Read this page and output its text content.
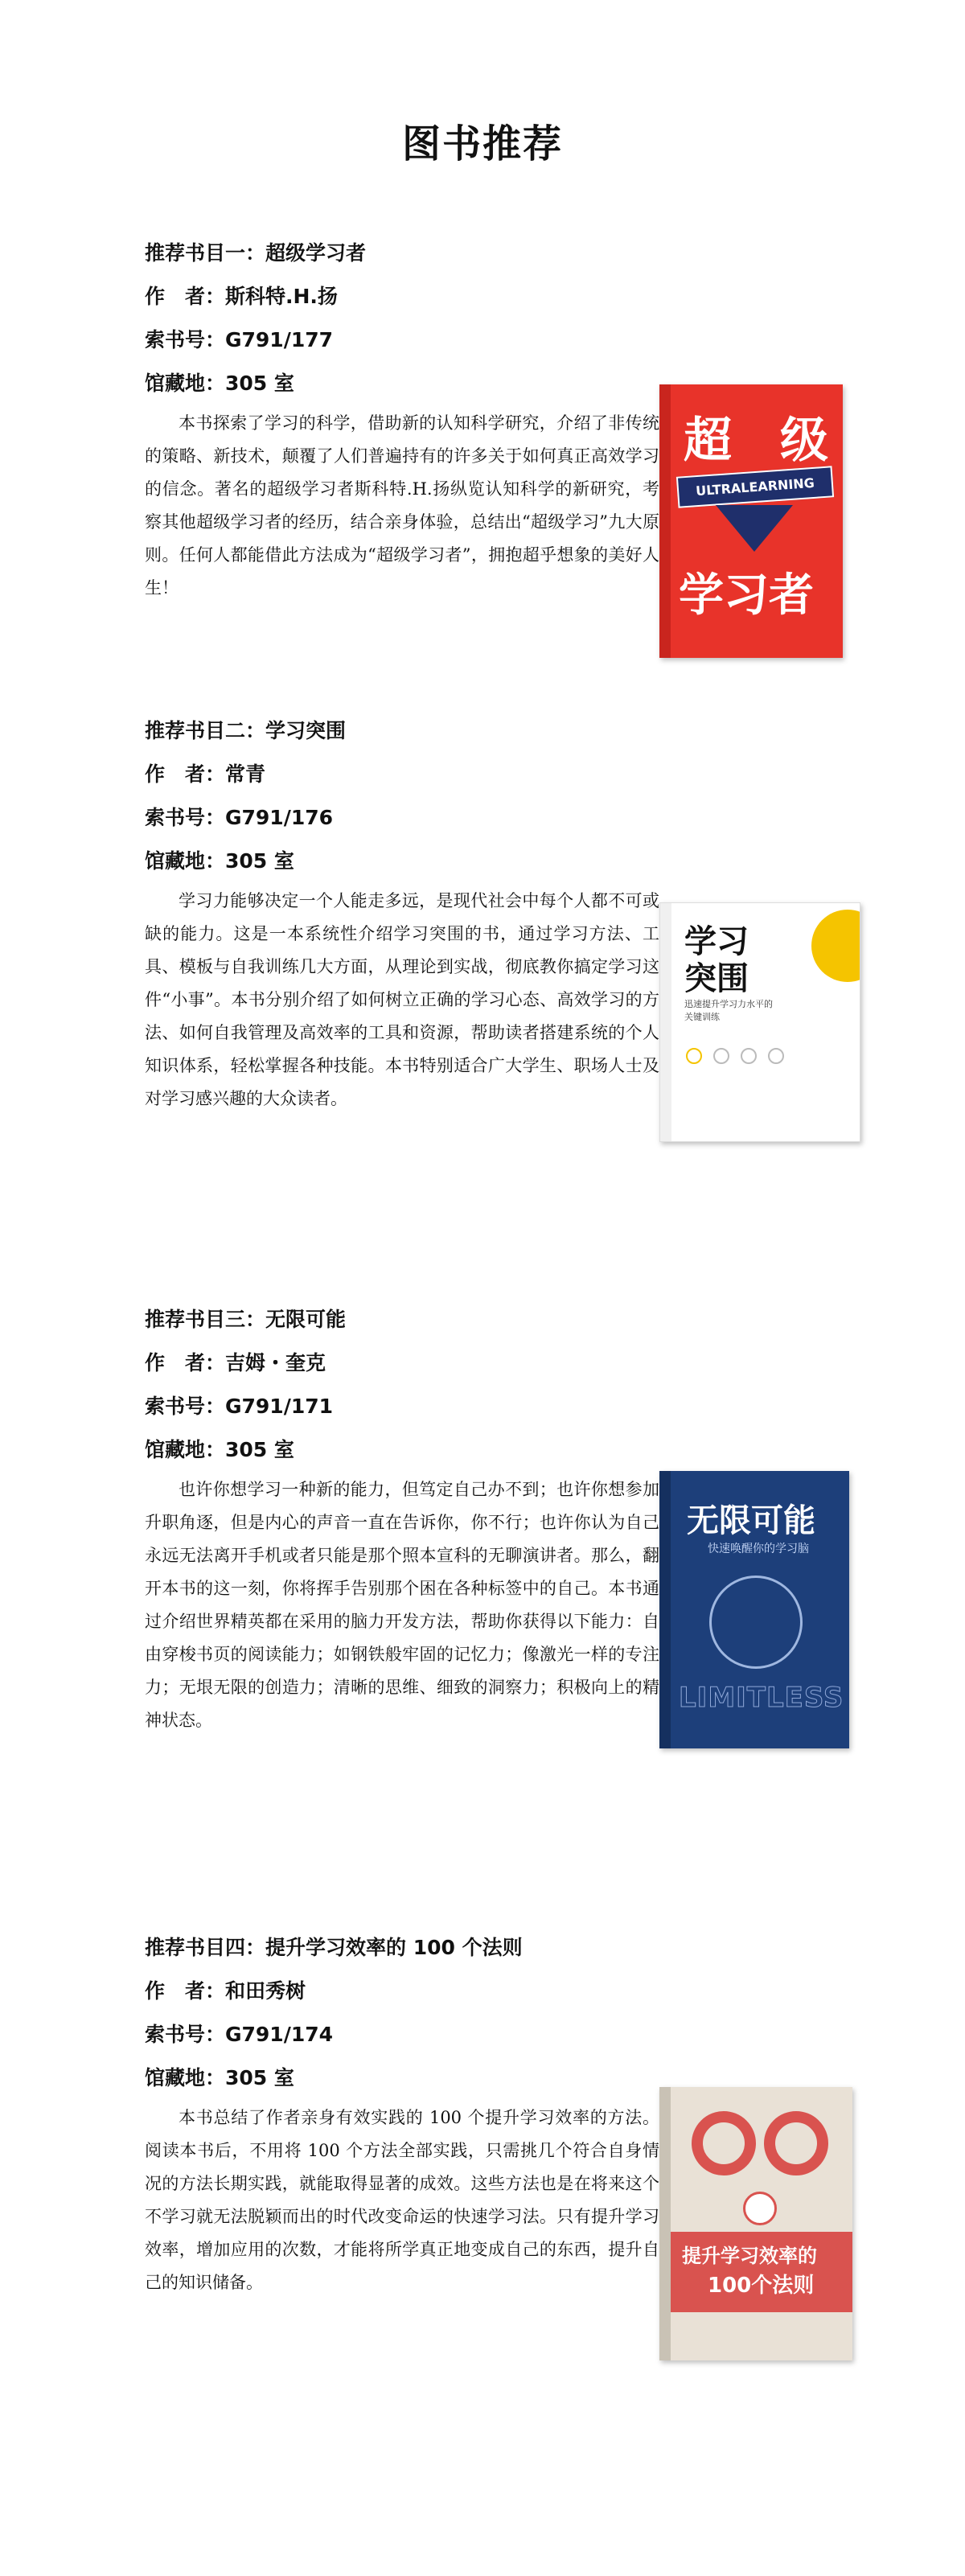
图书推荐

推荐书目一：超级学习者

作　者：斯科特.H.扬

索书号：G791/177

馆藏地：305 室

本书探索了学习的科学，借助新的认知科学研究，介绍了非传统的策略、新技术，颠覆了人们普遍持有的许多关于如何真正高效学习的信念。著名的超级学习者斯科特.H.扬纵览认知科学的新研究，考察其他超级学习者的经历，结合亲身体验，总结出“超级学习”九大原则。任何人都能借此方法成为“超级学习者”，拥抱超乎想象的美好人生！

超　级
ULTRALEARNING
学习者

推荐书目二：学习突围

作　者：常青

索书号：G791/176

馆藏地：305 室

学习力能够决定一个人能走多远，是现代社会中每个人都不可或缺的能力。这是一本系统性介绍学习突围的书，通过学习方法、工具、模板与自我训练几大方面，从理论到实战，彻底教你搞定学习这件“小事”。本书分别介绍了如何树立正确的学习心态、高效学习的方法、如何自我管理及高效率的工具和资源，帮助读者搭建系统的个人知识体系，轻松掌握各种技能。本书特别适合广大学生、职场人士及对学习感兴趣的大众读者。

学习
突围
迅速提升学习力水平的关键训练

推荐书目三：无限可能

作　者：吉姆・奎克

索书号：G791/171

馆藏地：305 室

也许你想学习一种新的能力，但笃定自己办不到；也许你想参加升职角逐，但是内心的声音一直在告诉你，你不行；也许你认为自己永远无法离开手机或者只能是那个照本宣科的无聊演讲者。那么，翻开本书的这一刻，你将挥手告别那个困在各种标签中的自己。本书通过介绍世界精英都在采用的脑力开发方法，帮助你获得以下能力：自由穿梭书页的阅读能力；如钢铁般牢固的记忆力；像激光一样的专注力；无垠无限的创造力；清晰的思维、细致的洞察力；积极向上的精神状态。

无限可能
快速唤醒你的学习脑
LIMITLESS

推荐书目四：提升学习效率的 100 个法则

作　者：和田秀树

索书号：G791/174

馆藏地：305 室

本书总结了作者亲身有效实践的 100 个提升学习效率的方法。阅读本书后，不用将 100 个方法全部实践，只需挑几个符合自身情况的方法长期实践，就能取得显著的成效。这些方法也是在将来这个不学习就无法脱颖而出的时代改变命运的快速学习法。只有提升学习效率，增加应用的次数，才能将所学真正地变成自己的东西，提升自己的知识储备。

提升学习效率的
100个法则
